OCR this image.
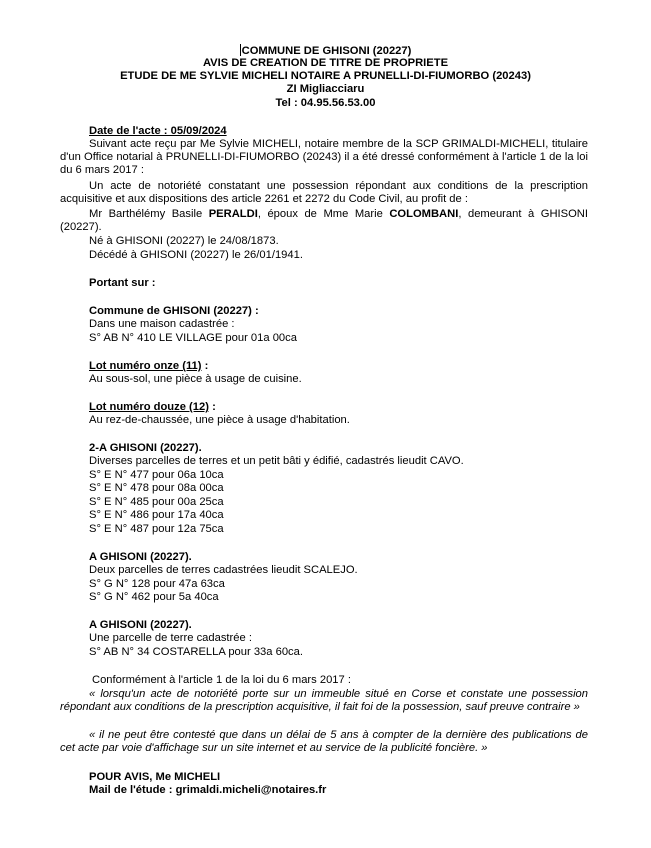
COMMUNE DE GHISONI (20227)
AVIS DE CREATION DE TITRE DE PROPRIETE
ETUDE DE ME SYLVIE MICHELI NOTAIRE A PRUNELLI-DI-FIUMORBO (20243)
ZI Migliacciaru
Tel : 04.95.56.53.00
Date de l'acte : 05/09/2024
Suivant acte reçu par Me Sylvie MICHELI, notaire membre de la SCP GRIMALDI-MICHELI, titulaire d'un Office notarial à PRUNELLI-DI-FIUMORBO (20243) il a été dressé conformément à l'article 1 de la loi du 6 mars 2017 :
Un acte de notoriété constatant une possession répondant aux conditions de la prescription acquisitive et aux dispositions des article 2261 et 2272 du Code Civil, au profit de :
Mr Barthélémy Basile PERALDI, époux de Mme Marie COLOMBANI, demeurant à GHISONI (20227).
Né à GHISONI (20227) le 24/08/1873.
Décédé à GHISONI (20227) le 26/01/1941.
Portant sur :
Commune de GHISONI (20227) :
Dans une maison cadastrée :
S° AB N° 410 LE VILLAGE pour 01a 00ca
Lot numéro onze (11) :
Au sous-sol, une pièce à usage de cuisine.
Lot numéro douze (12) :
Au rez-de-chaussée, une pièce à usage d'habitation.
2-A GHISONI (20227).
Diverses parcelles de terres et un petit bâti y édifié, cadastrés lieudit CAVO.
S° E N° 477 pour 06a 10ca
S° E N° 478 pour 08a 00ca
S° E N° 485 pour 00a 25ca
S° E N° 486 pour 17a 40ca
S° E N° 487 pour 12a 75ca
A GHISONI (20227).
Deux parcelles de terres cadastrées lieudit SCALEJO.
S° G N° 128 pour 47a 63ca
S° G N° 462 pour 5a 40ca
A GHISONI (20227).
Une parcelle de terre cadastrée :
S° AB N° 34 COSTARELLA pour 33a 60ca.
Conformément à l'article 1 de la loi du 6 mars 2017 :
« lorsqu'un acte de notoriété porte sur un immeuble situé en Corse et constate une possession répondant aux conditions de la prescription acquisitive, il fait foi de la possession, sauf preuve contraire »
« il ne peut être contesté que dans un délai de 5 ans à compter de la dernière des publications de cet acte par voie d'affichage sur un site internet et au service de la publicité foncière. »
POUR AVIS, Me MICHELI
Mail de l'étude : grimaldi.micheli@notaires.fr
